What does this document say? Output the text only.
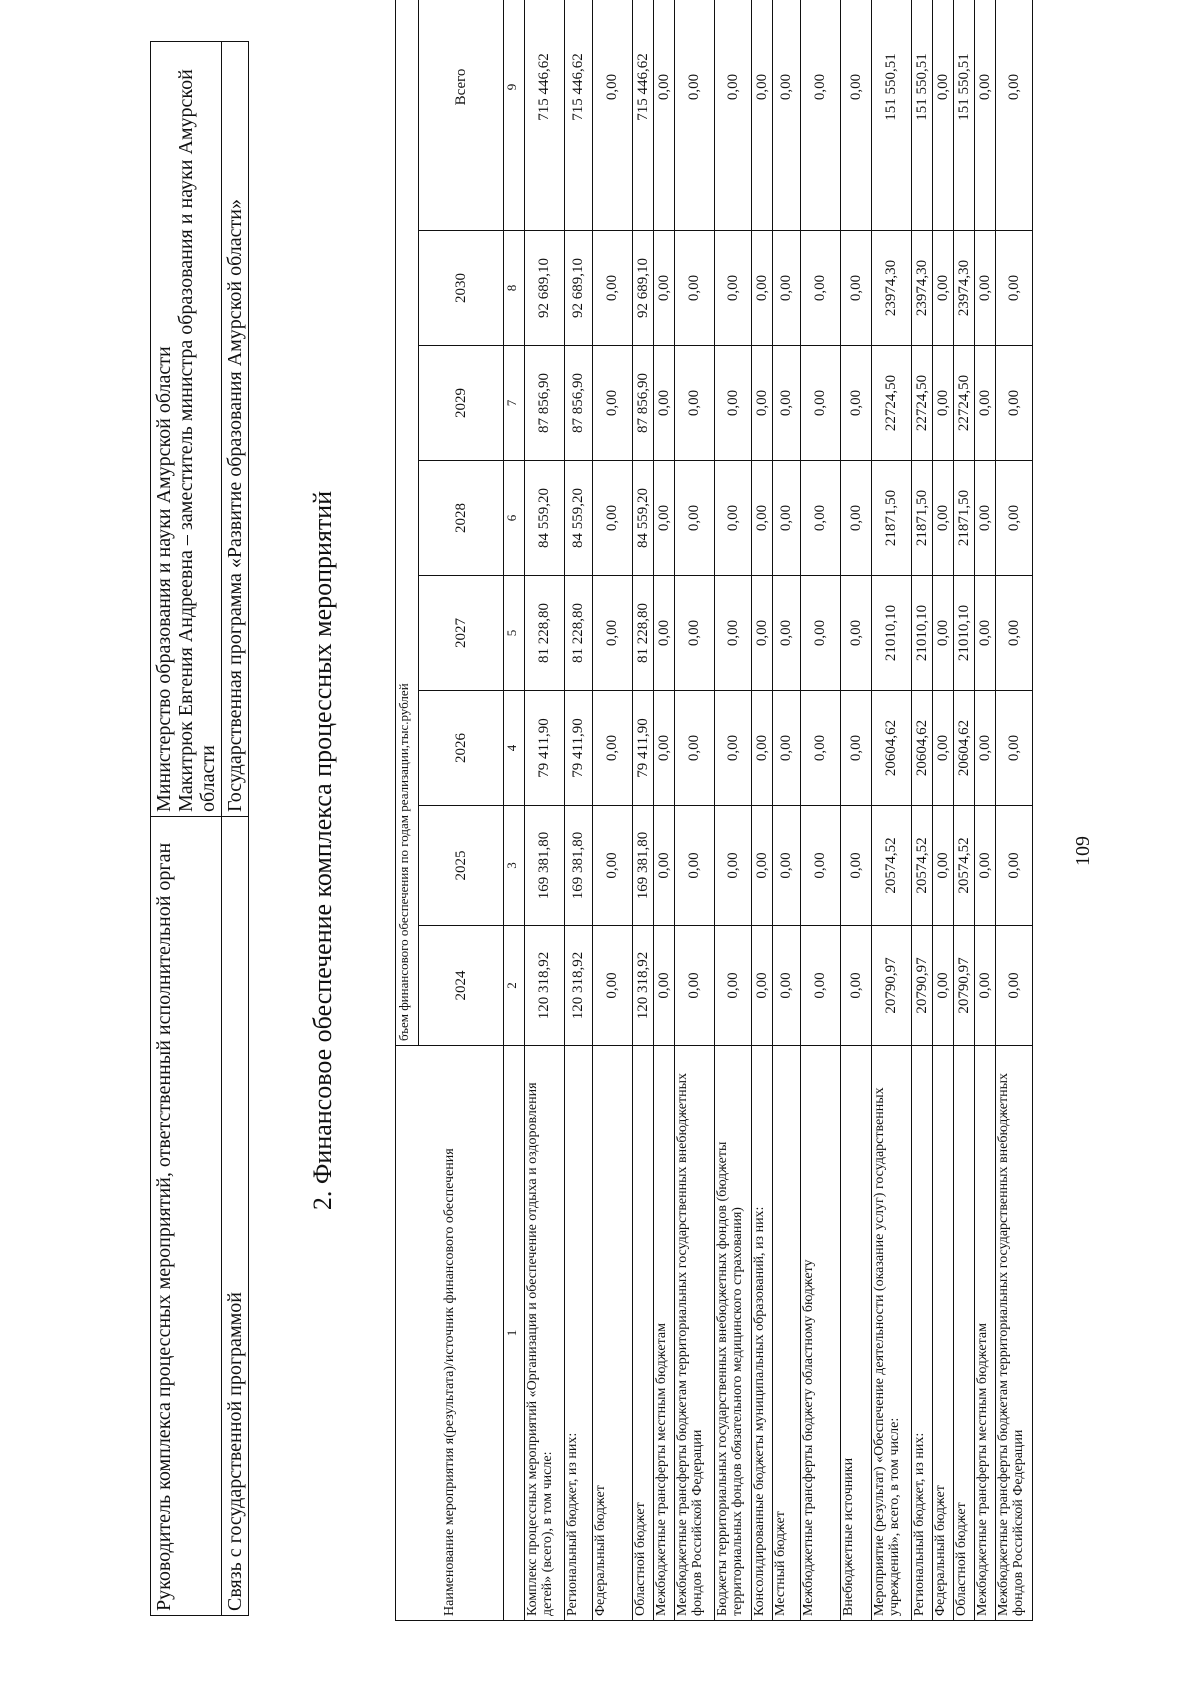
109
Руководитель комплекса процессных мероприятий, ответственный исполнительной орган	Министерство образования и науки Амурской области
Макитрюк Евгения Андреевна – заместитель министра образования и науки Амурской области
Связь с государственной программой	Государственная программа «Развитие образования Амурской области» 2. Финансовое обеспечение комплекса процессных мероприятий
Наименование мероприятия я(результата)/источник финансового обеспечения	бъем финансового обеспечения по годам реализации,тыс.рублей							
	2024	2025	2026	2027	2028	2029	2030	Всего
1	2	3	4	5	6	7	8	9
Комплекс процессных мероприятий «Организация и обеспечение отдыха и оздоровления детей» (всего), в том числе:	120 318,92	169 381,80	79 411,90	81 228,80	84 559,20	87 856,90	92 689,10	715 446,62
Региональный бюджет, из них:	120 318,92	169 381,80	79 411,90	81 228,80	84 559,20	87 856,90	92 689,10	715 446,62
Федеральный бюджет	0,00	0,00	0,00	0,00	0,00	0,00	0,00	0,00
Областной бюджет	120 318,92	169 381,80	79 411,90	81 228,80	84 559,20	87 856,90	92 689,10	715 446,62
Межбюджетные трансферты местным бюджетам	0,00	0,00	0,00	0,00	0,00	0,00	0,00	0,00
Межбюджетные трансферты бюджетам территориальных государственных внебюджетных фондов Российской Федерации	0,00	0,00	0,00	0,00	0,00	0,00	0,00	0,00
Бюджеты территориальных государственных внебюджетных фондов (бюджеты территориальных фондов обязательного медицинского страхования)	0,00	0,00	0,00	0,00	0,00	0,00	0,00	0,00
Консолидированные бюджеты муниципальных образований, из них:	0,00	0,00	0,00	0,00	0,00	0,00	0,00	0,00
Местный бюджет	0,00	0,00	0,00	0,00	0,00	0,00	0,00	0,00
Межбюджетные трансферты бюджету областному бюджету	0,00	0,00	0,00	0,00	0,00	0,00	0,00	0,00
Внебюджетные источники	0,00	0,00	0,00	0,00	0,00	0,00	0,00	0,00
Мероприятие (результат) «Обеспечение деятельности (оказание услуг) государственных учреждений», всего, в том числе:	20790,97	20574,52	20604,62	21010,10	21871,50	22724,50	23974,30	151 550,51
Региональный бюджет, из них:	20790,97	20574,52	20604,62	21010,10	21871,50	22724,50	23974,30	151 550,51
Федеральный бюджет	0,00	0,00	0,00	0,00	0,00	0,00	0,00	0,00
Областной бюджет	20790,97	20574,52	20604,62	21010,10	21871,50	22724,50	23974,30	151 550,51
Межбюджетные трансферты местным бюджетам	0,00	0,00	0,00	0,00	0,00	0,00	0,00	0,00
Межбюджетные трансферты бюджетам территориальных государственных внебюджетных фондов Российской Федерации	0,00	0,00	0,00	0,00	0,00	0,00	0,00	0,00
